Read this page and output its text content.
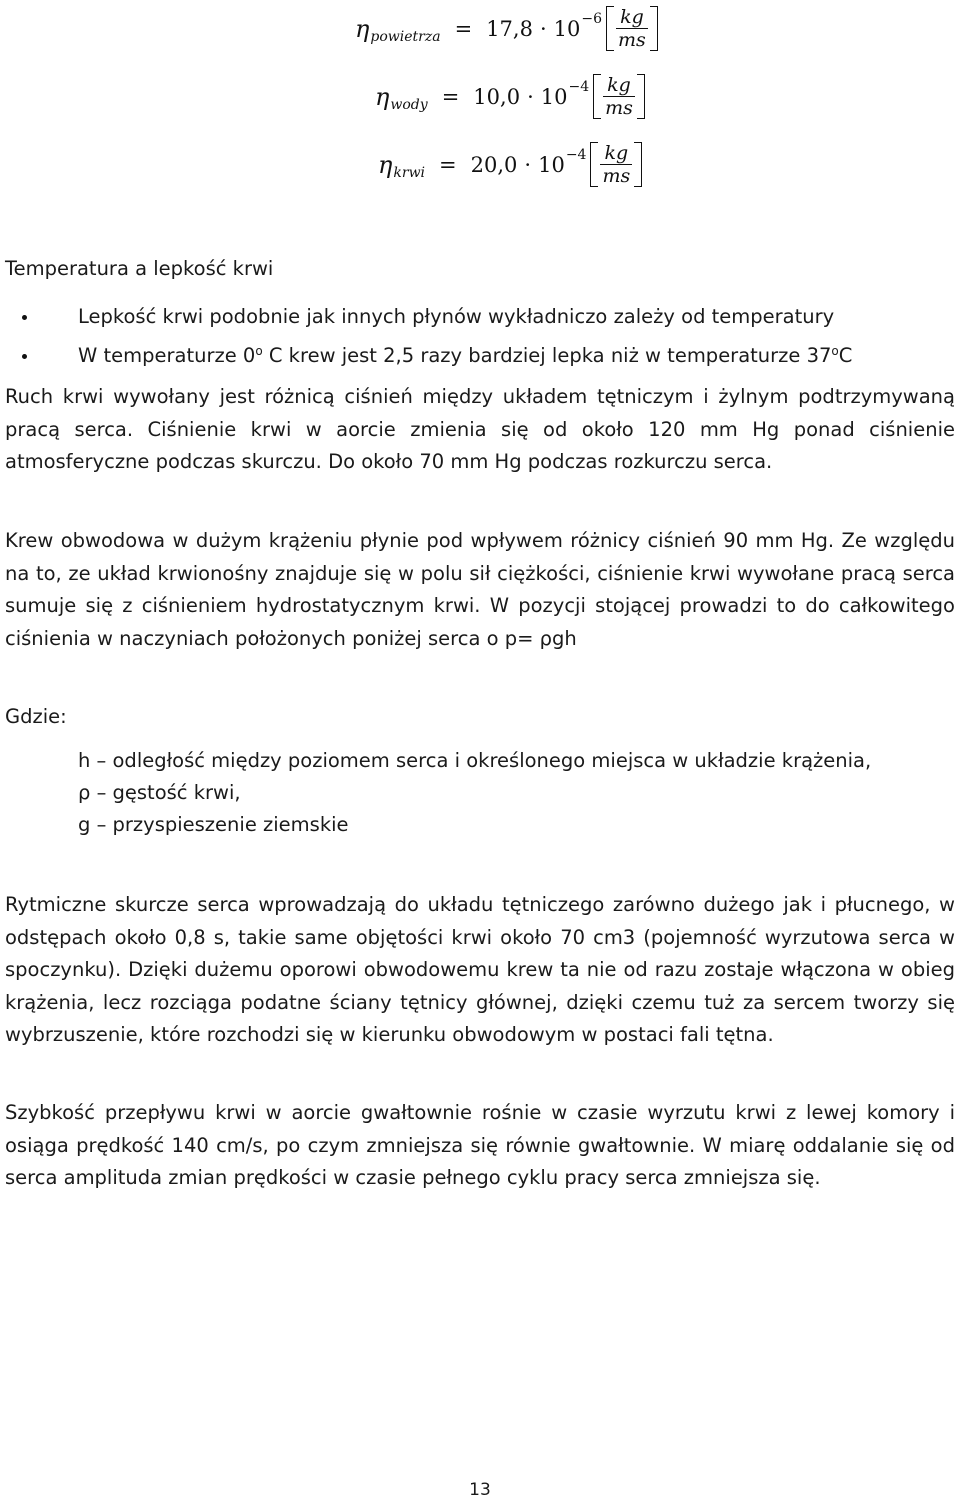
η powietrza = $17,8 \cdot 10 -6 \frac{kg}{ms}$
η wody = $10,0 \cdot 10 -4 \frac{kg}{ms}$
η krwi = $20,0 \cdot 10 -4 \frac{kg}{ms}$
Temperatura a lepkość krwi
Lepkość krwi podobnie jak innych płynów wykładniczo zależy od temperatury
W temperaturze 0$^o$ C krew jest 2,5 razy bardziej lepka niż w temperaturze 37$^o$C
Ruch krwi wywołany jest różnicą ciśnień między układem tętniczym i żylnym podtrzymywaną pracą serca. Ciśnienie krwi w aorcie zmienia się od około 120 mm Hg ponad ciśnienie atmosferyczne podczas skurczu. Do około 70 mm Hg podczas rozkurczu serca.
Krew obwodowa w dużym krążeniu płynie pod wpływem różnicy ciśnień 90 mm Hg. Ze względu na to, ze układ krwionośny znajduje się w polu sił ciężkości, ciśnienie krwi wywołane pracą serca sumuje się z ciśnieniem hydrostatycznym krwi. W pozycji stojącej prowadzi to do całkowitego ciśnienia w naczyniach położonych poniżej serca o p= ρgh
Gdzie:
h – odległość między poziomem serca i określonego miejsca w układzie krążenia,
ρ – gęstość krwi,
g – przyspieszenie ziemskie
Rytmiczne skurcze serca wprowadzają do układu tętniczego zarówno dużego jak i płucnego, w odstępach około 0,8 s, takie same objętości krwi około 70 cm3 (pojemność wyrzutowa serca w spoczynku). Dzięki dużemu oporowi obwodowemu krew ta nie od razu zostaje włączona w obieg krążenia, lecz rozciąga podatne ściany tętnicy głównej, dzięki czemu tuż za sercem tworzy się wybrzuszenie, które rozchodzi się w kierunku obwodowym w postaci fali tętna.
Szybkość przepływu krwi w aorcie gwałtownie rośnie w czasie wyrzutu krwi z lewej komory i osiąga prędkość 140 cm/s, po czym zmniejsza się równie gwałtownie. W miarę oddalanie się od serca amplituda zmian prędkości w czasie pełnego cyklu pracy serca zmniejsza się.
13
